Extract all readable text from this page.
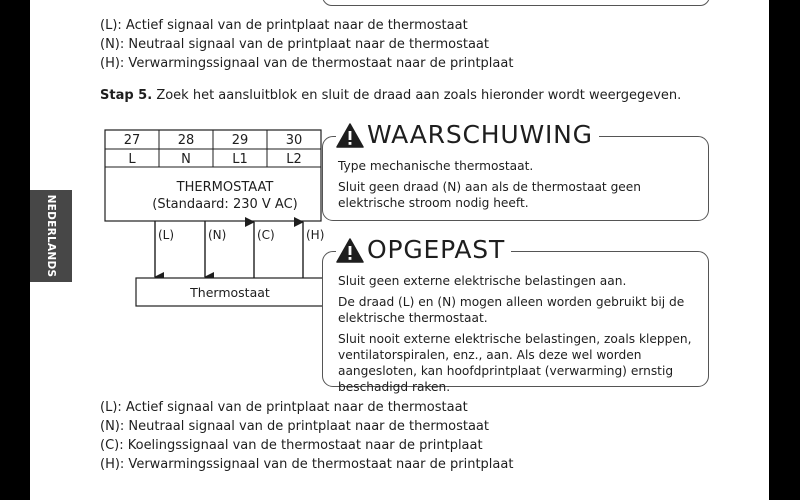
(L): Actief signaal van de printplaat naar de thermostaat
(N): Neutraal signaal van de printplaat naar de thermostaat
(H): Verwarmingssignaal van de thermostaat naar de printplaat
NEDERLANDS
Stap 5. Zoek het aansluitblok en sluit de draad aan zoals hieronder wordt weergegeven.
27	28	29	30
L	N	L1	L2
THERMOSTAAT
(Standaard: 230 V AC)
(L)	(N)	(C)	(H)
Thermostaat
WAARSCHUWING

Type mechanische thermostaat.

Sluit geen draad (N) aan als de thermostaat geen elektrische stroom nodig heeft.

OPGEPAST

Sluit geen externe elektrische belastingen aan.

De draad (L) en (N) mogen alleen worden gebruikt bij de elektrische thermostaat.

Sluit nooit externe elektrische belastingen, zoals kleppen, ventilatorspiralen, enz., aan. Als deze wel worden aangesloten, kan hoofdprintplaat (verwarming) ernstig beschadigd raken.

(L): Actief signaal van de printplaat naar de thermostaat
(N): Neutraal signaal van de printplaat naar de thermostaat
(C): Koelingssignaal van de thermostaat naar de printplaat
(H): Verwarmingssignaal van de thermostaat naar de printplaat
